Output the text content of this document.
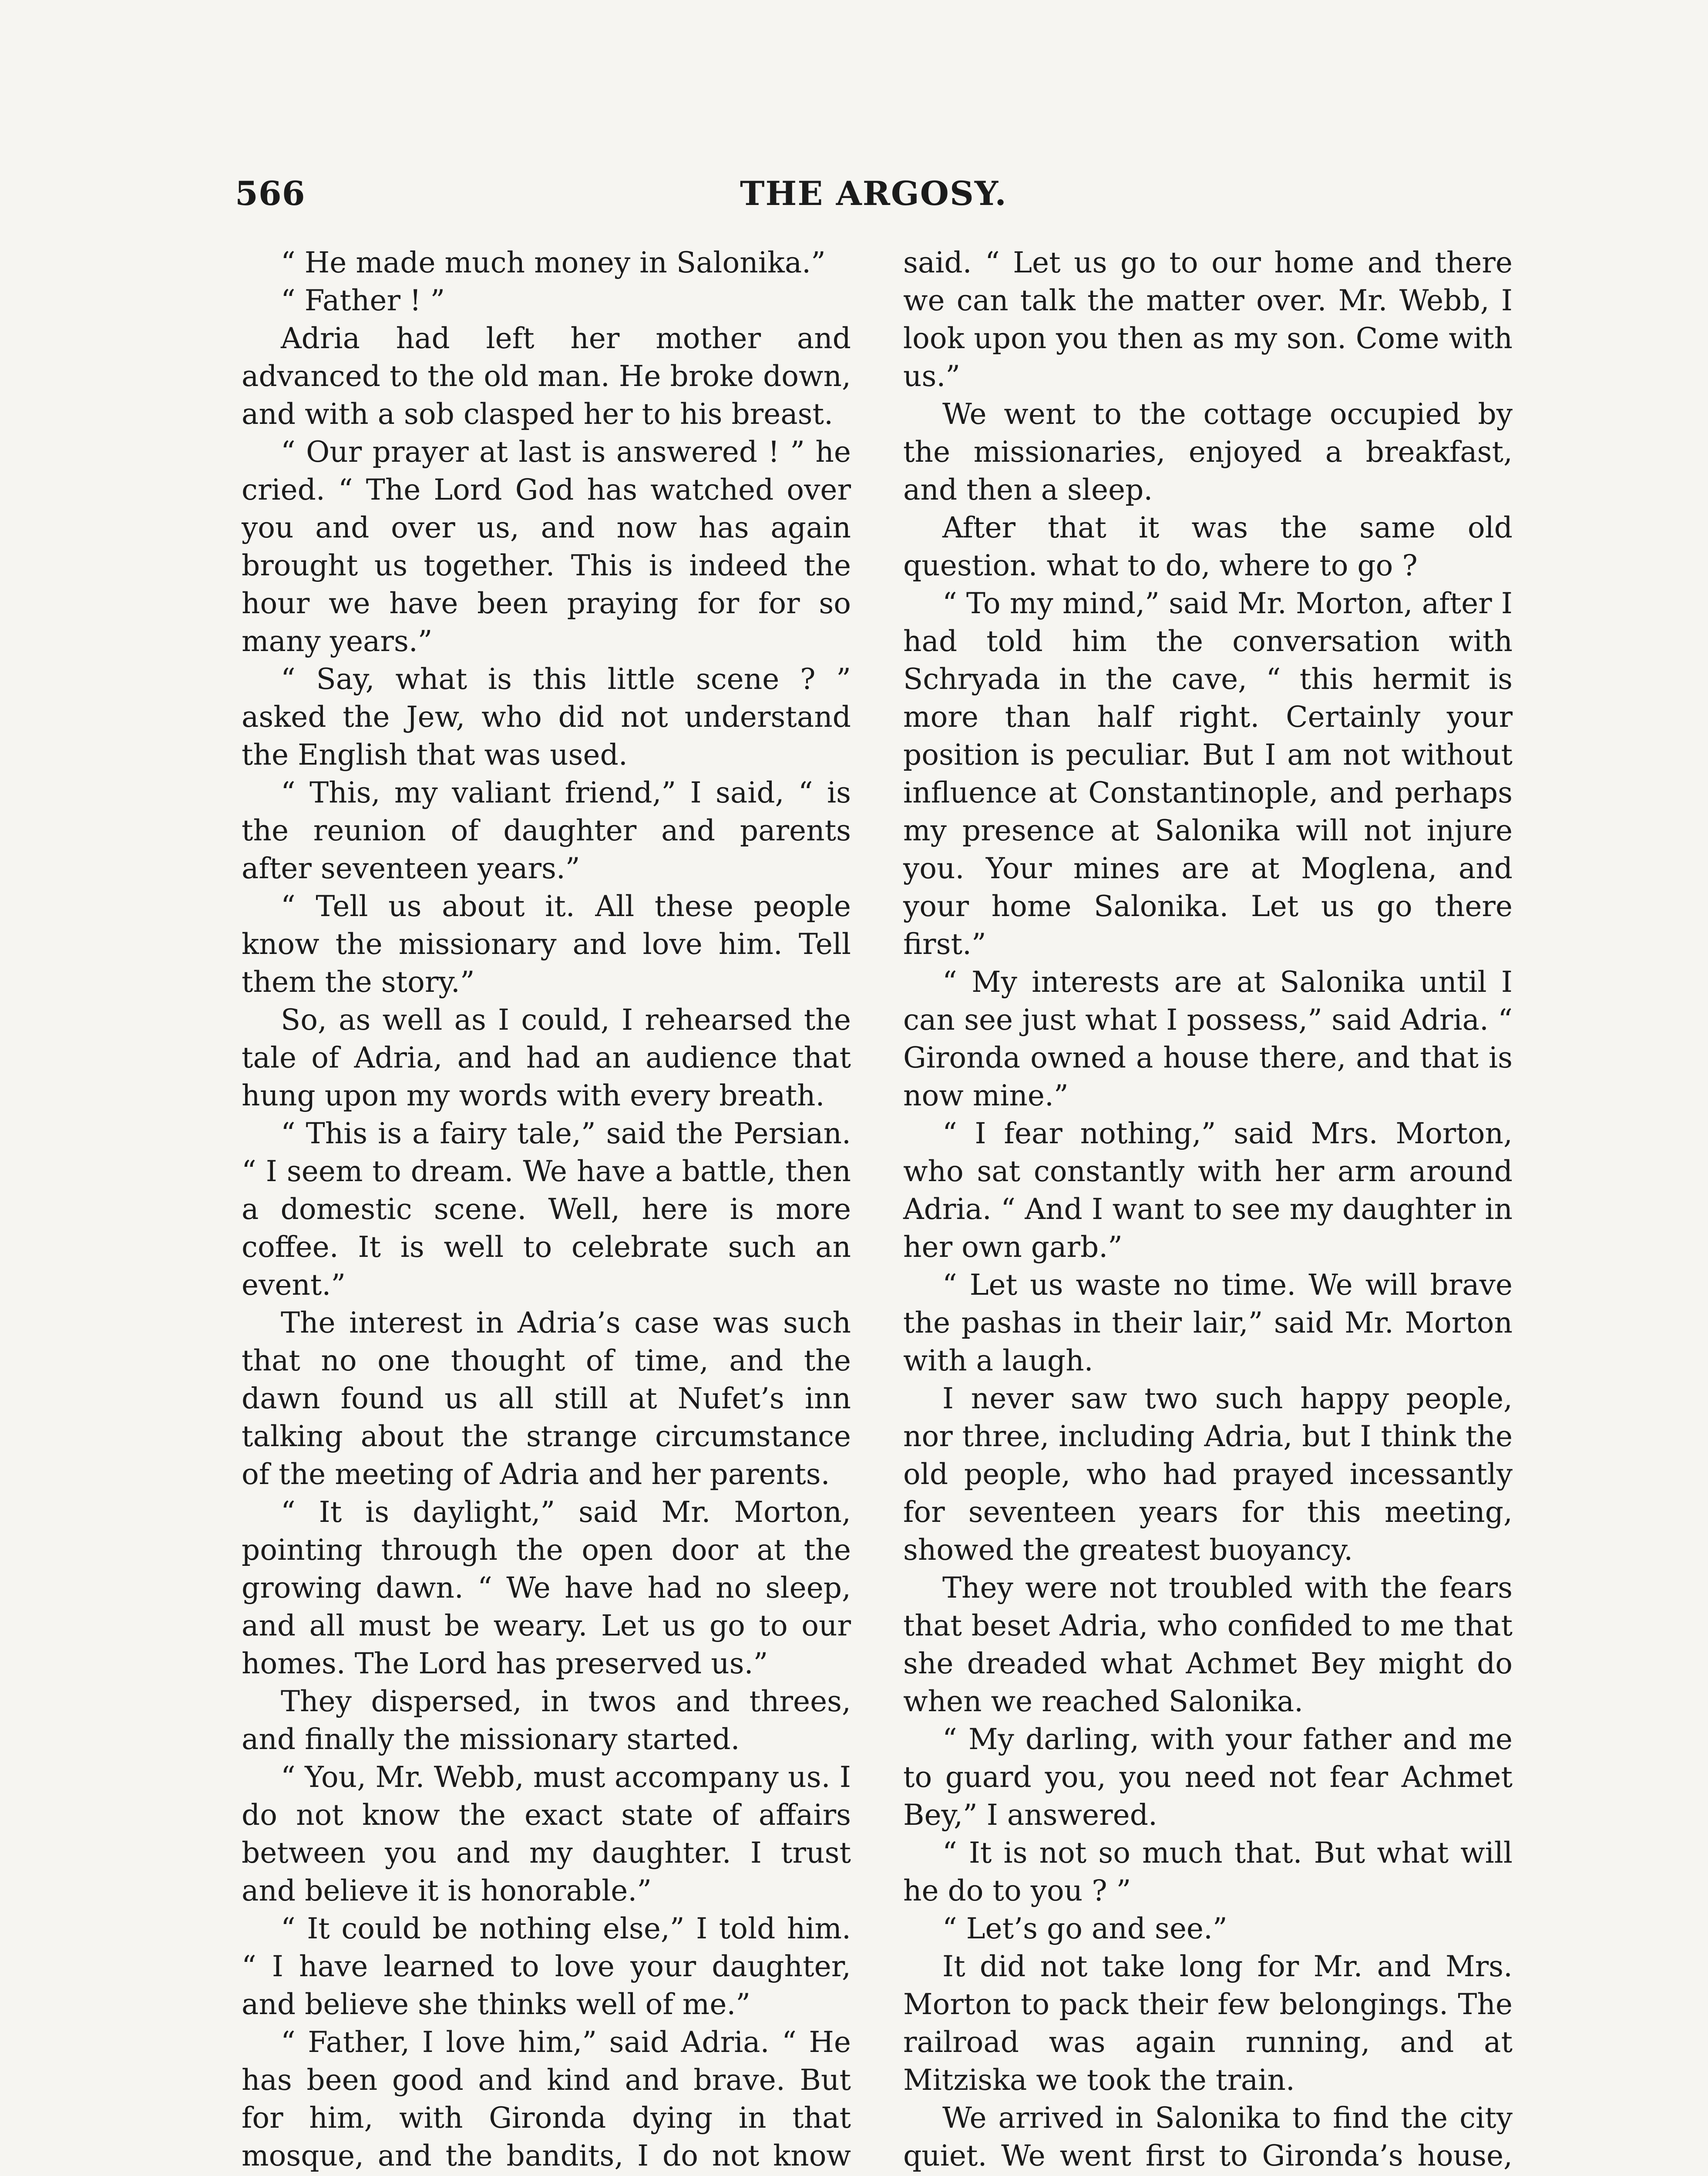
566	THE ARGOSY.

“ He made much money in Salonika.”

“ Father ! ”

Adria had left her mother and advanced to the old man. He broke down, and with a sob clasped her to his breast.

“ Our prayer at last is answered ! ” he cried. “ The Lord God has watched over you and over us, and now has again brought us together. This is indeed the hour we have been praying for for so many years.”

“ Say, what is this little scene ? ” asked the Jew, who did not understand the English that was used.

“ This, my valiant friend,” I said, “ is the reunion of daughter and parents after seventeen years.”

“ Tell us about it. All these people know the missionary and love him. Tell them the story.”

So, as well as I could, I rehearsed the tale of Adria, and had an audience that hung upon my words with every breath.

“ This is a fairy tale,” said the Persian. “ I seem to dream. We have a battle, then a domestic scene. Well, here is more coffee. It is well to celebrate such an event.”

The interest in Adria’s case was such that no one thought of time, and the dawn found us all still at Nufet’s inn talking about the strange circumstance of the meeting of Adria and her parents.

“ It is daylight,” said Mr. Morton, pointing through the open door at the growing dawn. “ We have had no sleep, and all must be weary. Let us go to our homes. The Lord has preserved us.”

They dispersed, in twos and threes, and finally the missionary started.

“ You, Mr. Webb, must accompany us. I do not know the exact state of affairs between you and my daughter. I trust and believe it is honorable.”

“ It could be nothing else,” I told him. “ I have learned to love your daughter, and believe she thinks well of me.”

“ Father, I love him,” said Adria. “ He has been good and kind and brave. But for him, with Gironda dying in that mosque, and the bandits, I do not know

said. “ Let us go to our home and there we can talk the matter over. Mr. Webb, I look upon you then as my son. Come with us.”

We went to the cottage occupied by the missionaries, enjoyed a breakfast, and then a sleep.

After that it was the same old question. what to do, where to go ?

“ To my mind,” said Mr. Morton, after I had told him the conversation with Schryada in the cave, “ this hermit is more than half right. Certainly your position is peculiar. But I am not without influence at Constantinople, and perhaps my presence at Salonika will not injure you. Your mines are at Moglena, and your home Salonika. Let us go there first.”

“ My interests are at Salonika until I can see just what I possess,” said Adria. “ Gironda owned a house there, and that is now mine.”

“ I fear nothing,” said Mrs. Morton, who sat constantly with her arm around Adria. “ And I want to see my daughter in her own garb.”

“ Let us waste no time. We will brave the pashas in their lair,” said Mr. Morton with a laugh.

I never saw two such happy people, nor three, including Adria, but I think the old people, who had prayed incessantly for seventeen years for this meeting, showed the greatest buoyancy.

They were not troubled with the fears that beset Adria, who confided to me that she dreaded what Achmet Bey might do when we reached Salonika.

“ My darling, with your father and me to guard you, you need not fear Achmet Bey,” I answered.

“ It is not so much that. But what will he do to you ? ”

“ Let’s go and see.”

It did not take long for Mr. and Mrs. Morton to pack their few belongings. The railroad was again running, and at Mitziska we took the train.

We arrived in Salonika to find the city quiet. We went first to Gironda’s house,
